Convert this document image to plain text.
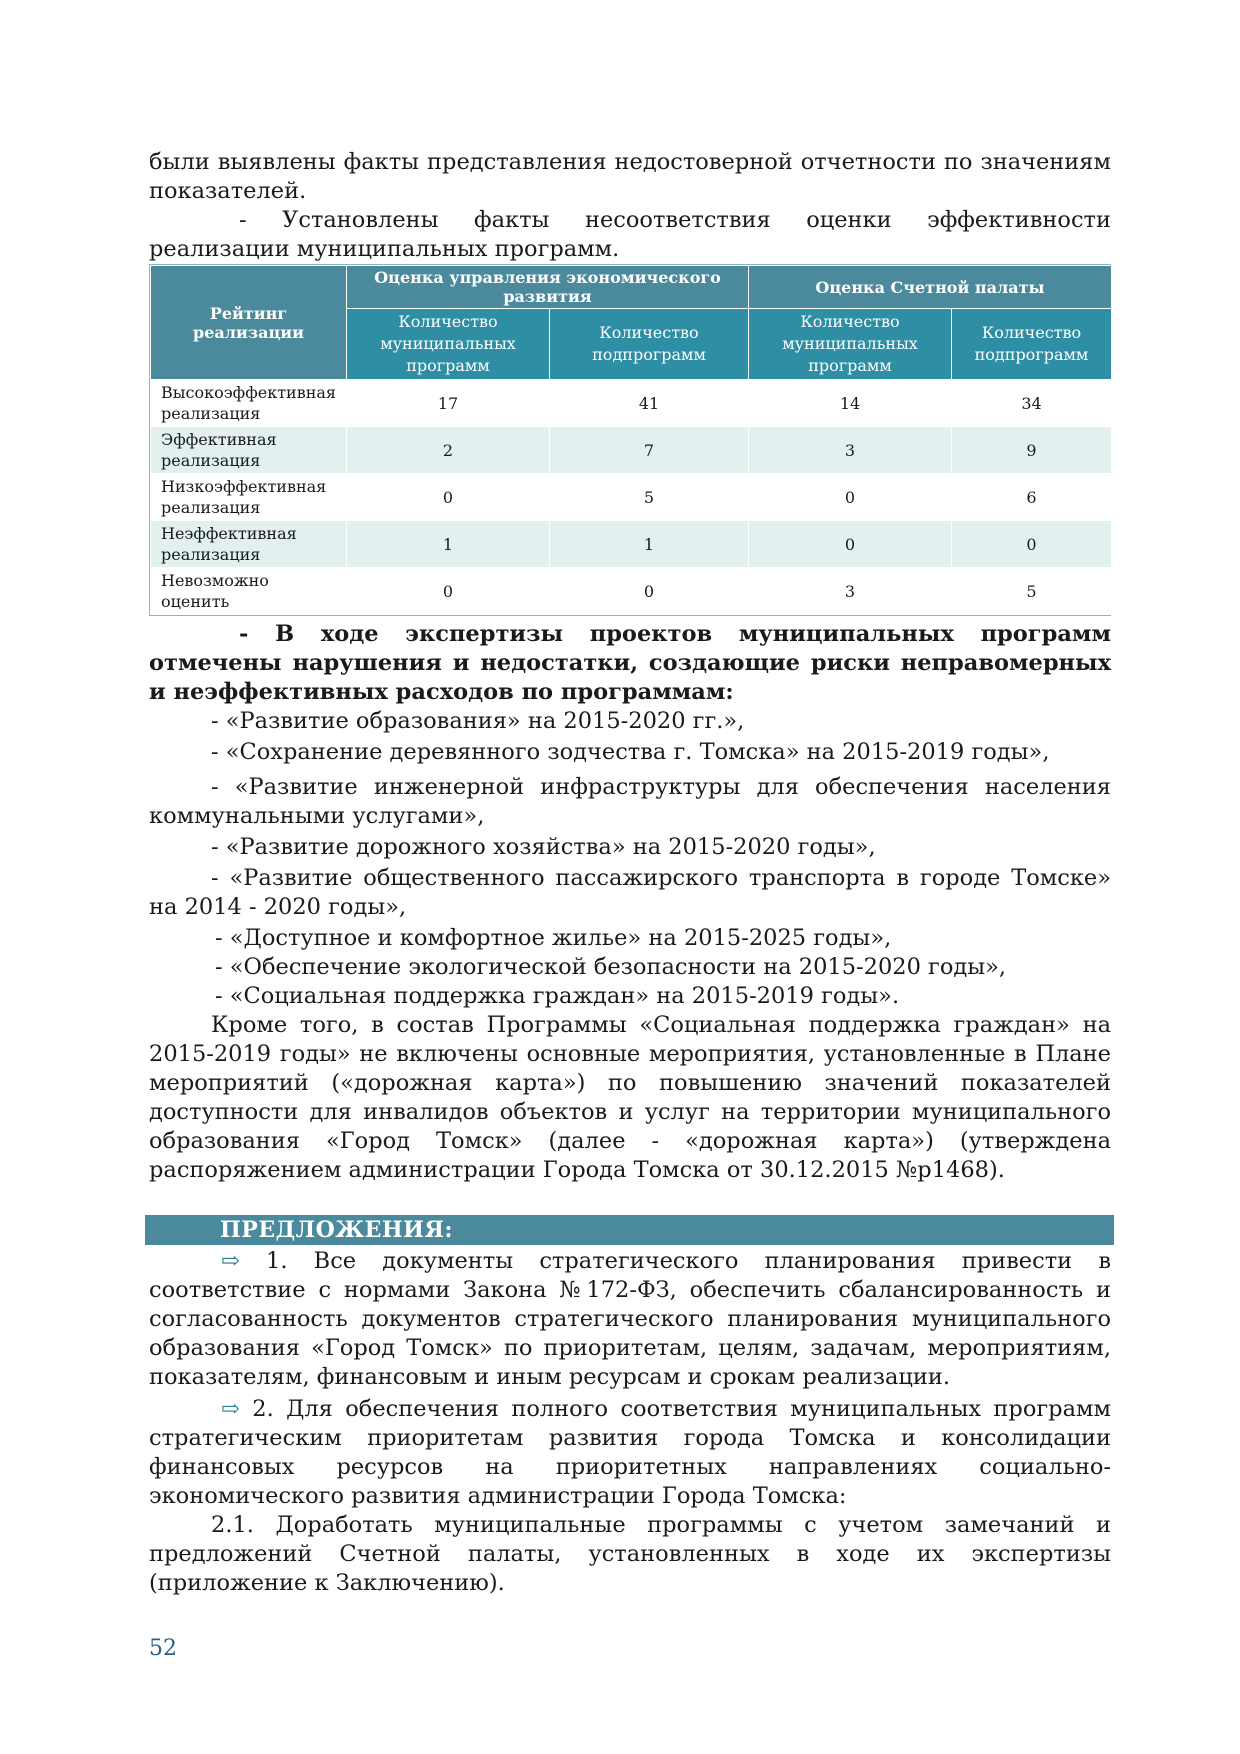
были выявлены факты представления недостоверной отчетности по значениям показателей.

- Установлены факты несоответствия оценки эффективности реализации муниципальных программ.

Рейтинг реализации	Оценка управления экономического развития		Оценка Счетной палаты	
	Количество муниципальных программ	Количество подпрограмм	Количество муниципальных программ	Количество подпрограмм
Высокоэффективная реализация	17	41	14	34
Эффективная реализация	2	7	3	9
Низкоэффективная реализация	0	5	0	6
Неэффективная реализация	1	1	0	0
Невозможно оценить	0	0	3	5

- В ходе экспертизы проектов муниципальных программ отмечены нарушения и недостатки, создающие риски неправомерных и неэффективных расходов по программам:

- «Развитие образования» на 2015-2020 гг.»,

- «Сохранение деревянного зодчества г. Томска» на 2015-2019 годы»,

- «Развитие инженерной инфраструктуры для обеспечения населения коммунальными услугами»,

- «Развитие дорожного хозяйства» на 2015-2020 годы»,

- «Развитие общественного пассажирского транспорта в городе Томске» на 2014 - 2020 годы»,

- «Доступное и комфортное жилье» на 2015-2025 годы»,

- «Обеспечение экологической безопасности на 2015-2020 годы»,

- «Социальная поддержка граждан» на 2015-2019 годы».

Кроме того, в состав Программы «Социальная поддержка граждан» на 2015-2019 годы» не включены основные мероприятия, установленные в Плане мероприятий («дорожная карта») по повышению значений показателей доступности для инвалидов объектов и услуг на территории муниципального образования «Город Томск» (далее - «дорожная карта») (утверждена распоряжением администрации Города Томска от 30.12.2015 №р1468).

ПРЕДЛОЖЕНИЯ:

⇨ 1. Все документы стратегического планирования привести в соответствие с нормами Закона №172-ФЗ, обеспечить сбалансированность и согласованность документов стратегического планирования муниципального образования «Город Томск» по приоритетам, целям, задачам, мероприятиям, показателям, финансовым и иным ресурсам и срокам реализации.

⇨ 2. Для обеспечения полного соответствия муниципальных программ стратегическим приоритетам развития города Томска и консолидации финансовых ресурсов на приоритетных направлениях социально-экономического развития администрации Города Томска:

2.1. Доработать муниципальные программы с учетом замечаний и предложений Счетной палаты, установленных в ходе их экспертизы (приложение к Заключению).

52
